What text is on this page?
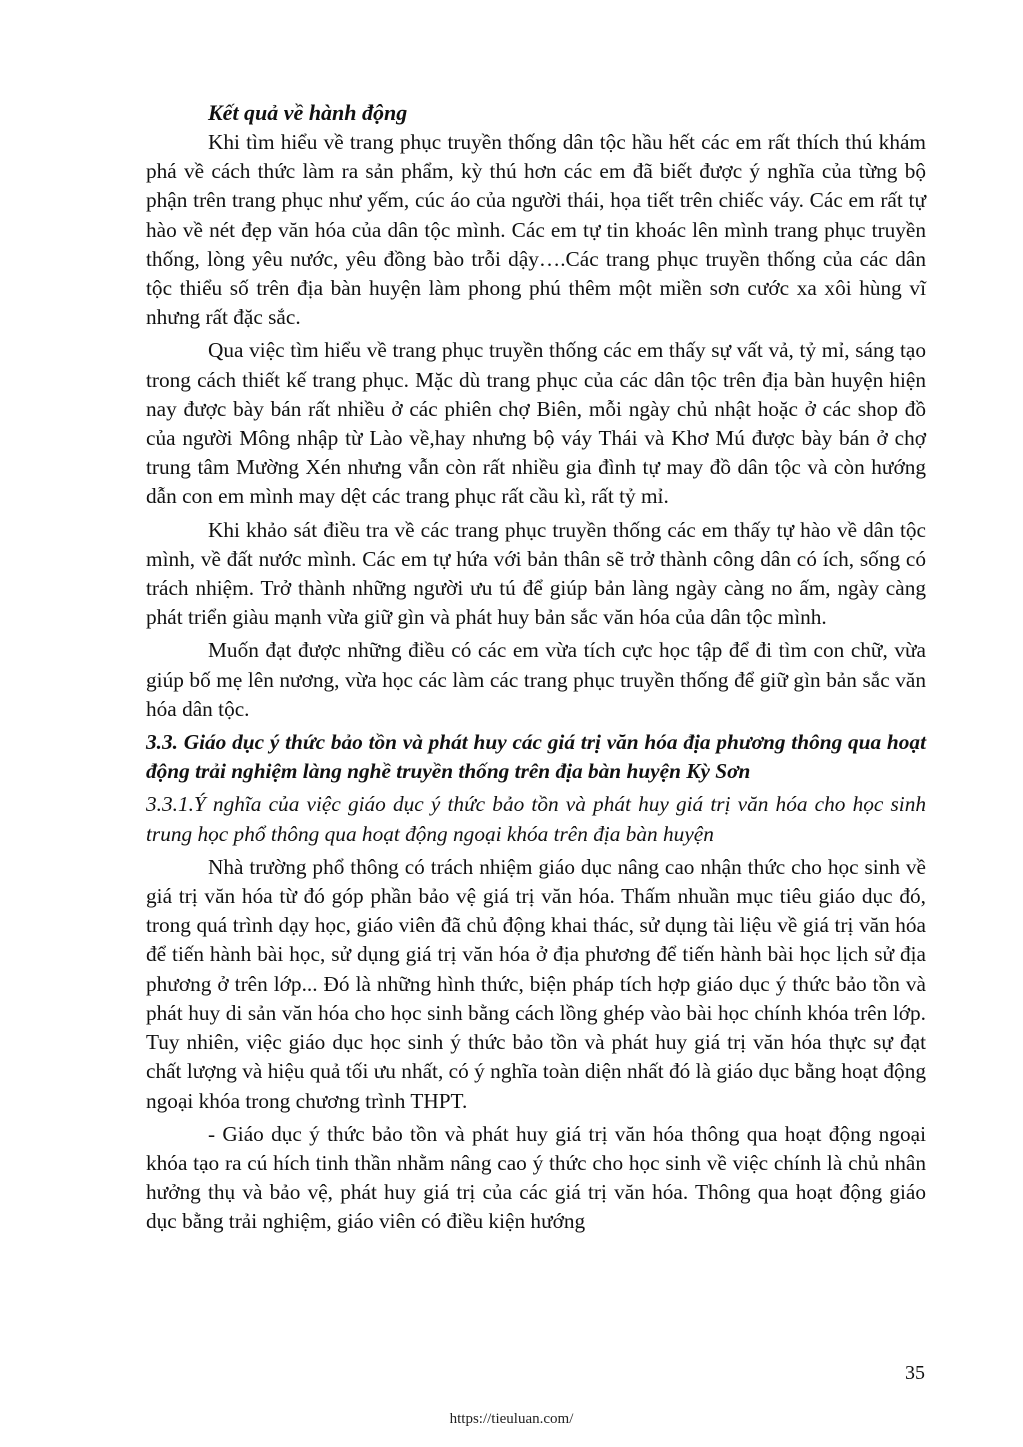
Kết quả về hành động

Khi tìm hiểu về trang phục truyền thống dân tộc hầu hết các em rất thích thú khám phá về cách thức làm ra sản phẩm, kỳ thú hơn các em đã biết được ý nghĩa của từng bộ phận trên trang phục như yếm, cúc áo của người thái, họa tiết trên chiếc váy. Các em rất tự hào về nét đẹp văn hóa của dân tộc mình. Các em tự tin khoác lên mình trang phục truyền thống, lòng yêu nước, yêu đồng bào trỗi dậy….Các trang phục truyền thống của các dân tộc thiểu số trên địa bàn huyện làm phong phú thêm một miền sơn cước xa xôi hùng vĩ nhưng rất đặc sắc.

Qua việc tìm hiểu về trang phục truyền thống các em thấy sự vất vả, tỷ mỉ, sáng tạo trong cách thiết kế trang phục. Mặc dù trang phục của các dân tộc trên địa bàn huyện hiện nay được bày bán rất nhiều ở các phiên chợ Biên, mỗi ngày chủ nhật hoặc ở các shop đồ của người Mông nhập từ Lào về,hay nhưng bộ váy Thái và Khơ Mú được bày bán ở chợ trung tâm Mường Xén nhưng vẫn còn rất nhiều gia đình tự may đồ dân tộc và còn hướng dẫn con em mình may dệt các trang phục rất cầu kì, rất tỷ mỉ.

Khi khảo sát điều tra về các trang phục truyền thống các em thấy tự hào về dân tộc mình, về đất nước mình. Các em tự hứa với bản thân sẽ trở thành công dân có ích, sống có trách nhiệm. Trở thành những người ưu tú để giúp bản làng ngày càng no ấm, ngày càng phát triển giàu mạnh vừa giữ gìn và phát huy bản sắc văn hóa của dân tộc mình.

Muốn đạt được những điều có các em vừa tích cực học tập để đi tìm con chữ, vừa giúp bố mẹ lên nương, vừa học các làm các trang phục truyền thống để giữ gìn bản sắc văn hóa dân tộc.

3.3. Giáo dục ý thức bảo tồn và phát huy các giá trị văn hóa địa phương thông qua hoạt động trải nghiệm làng nghề truyền thống trên địa bàn huyện Kỳ Sơn
3.3.1.Ý nghĩa của việc giáo dục ý thức bảo tồn và phát huy giá trị văn hóa cho học sinh trung học phổ thông qua hoạt động ngoại khóa trên địa bàn huyện

Nhà trường phổ thông có trách nhiệm giáo dục nâng cao nhận thức cho học sinh về giá trị văn hóa từ đó góp phần bảo vệ giá trị văn hóa. Thấm nhuần mục tiêu giáo dục đó, trong quá trình dạy học, giáo viên đã chủ động khai thác, sử dụng tài liệu về giá trị văn hóa để tiến hành bài học, sử dụng giá trị văn hóa ở địa phương để tiến hành bài học lịch sử địa phương ở trên lớp... Đó là những hình thức, biện pháp tích hợp giáo dục ý thức bảo tồn và phát huy di sản văn hóa cho học sinh bằng cách lồng ghép vào bài học chính khóa trên lớp. Tuy nhiên, việc giáo dục học sinh ý thức bảo tồn và phát huy giá trị văn hóa thực sự đạt chất lượng và hiệu quả tối ưu nhất, có ý nghĩa toàn diện nhất đó là giáo dục bằng hoạt động ngoại khóa trong chương trình THPT.

- Giáo dục ý thức bảo tồn và phát huy giá trị văn hóa thông qua hoạt động ngoại khóa tạo ra cú hích tinh thần nhằm nâng cao ý thức cho học sinh về việc chính là chủ nhân hưởng thụ và bảo vệ, phát huy giá trị của các giá trị văn hóa. Thông qua hoạt động giáo dục bằng trải nghiệm, giáo viên có điều kiện hướng

35
https://tieuluan.com/
